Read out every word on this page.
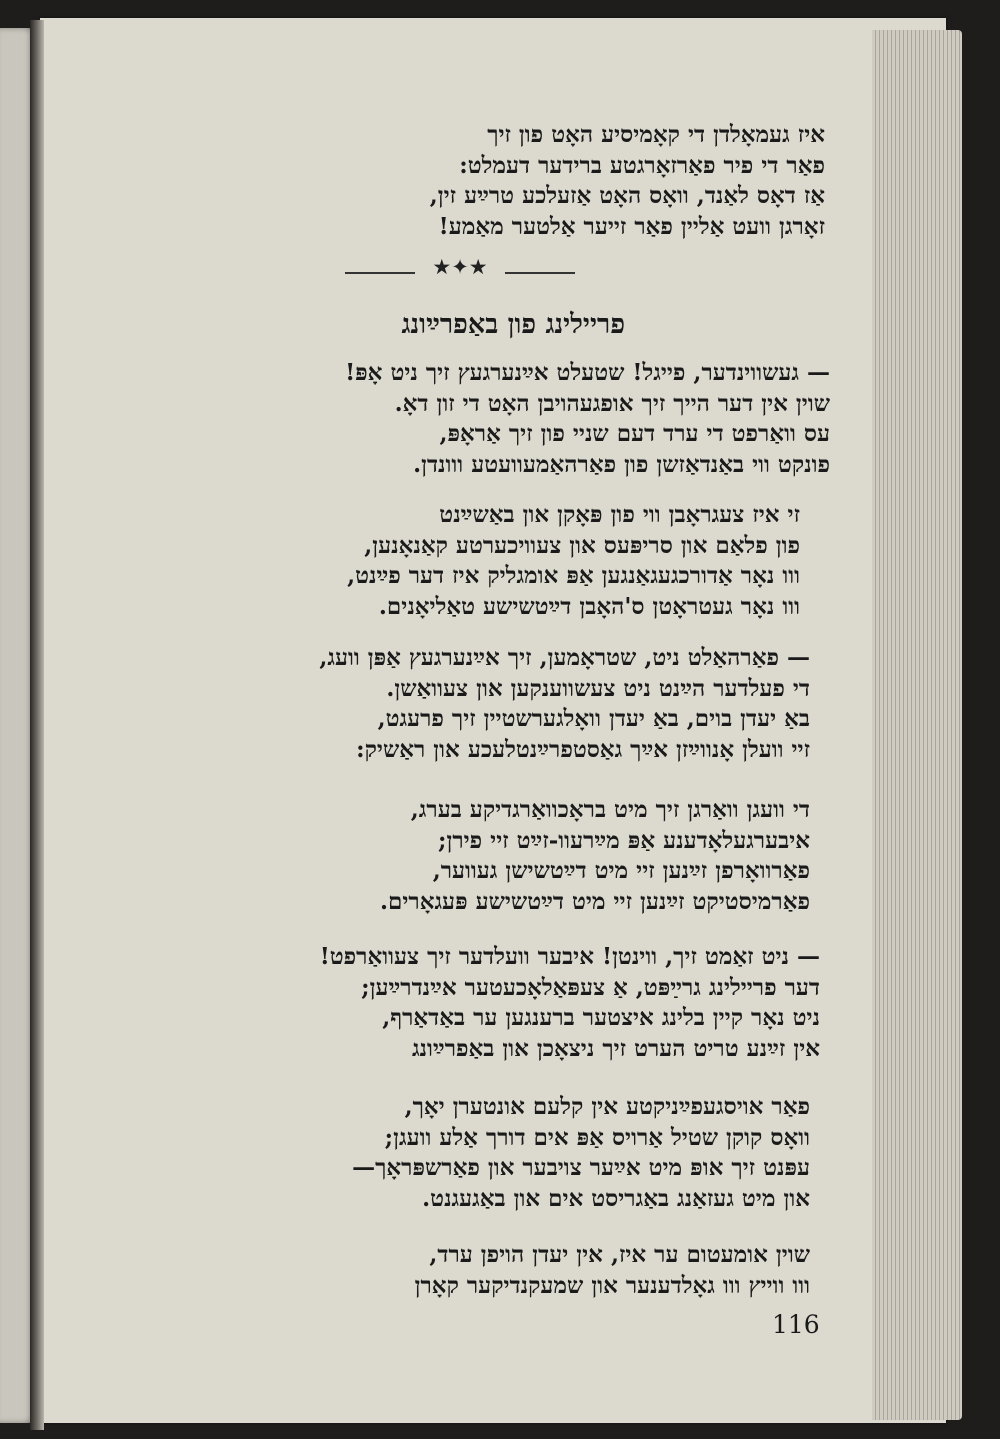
איז געמאָלדן די קאָמיסיע האָט פון זיך
פאַר די פיר פאַרזאָרגטע ברידער דעמלט:
אַז דאָס לאַנד, וואָס האָט אַזעלכע טרײַע זין,
זאָרגן וועט אַליין פאַר זייער אַלטער מאַמע!
★✦★
פריילינג פון באַפרײַונג
— געשווינדער, פייגל! שטעלט אײַנערגעץ זיך ניט אָפּ!
שוין אין דער הייך זיך אופגעהויבן האָט די זון דאָ.
עס וואַרפט די ערד דעם שניי פון זיך אַראָפּ,
פונקט ווי באַנדאַזשן פון פאַרהאַמעוועטע ווונדן.
זי איז צעגראָבן ווי פון פּאָקן און באַשײַנט
פון פלאַם און סריפּעס און צעוויכערטע קאַנאָנען,
ווו נאָר אַדורכגעגאַנגען אַפּ אומגליק איז דער פײַנט,
ווו נאָר געטראָטן ס'האָבן דײַטשישע טאַליאָנים.
— פאַרהאַלט ניט, שטראָמען, זיך אײַנערגעץ אַפּן וועג,
די פעלדער הײַנט ניט צעשווענקען און צעוואַשן.
באַ יעדן בוים, באַ יעדן וואָלגערשטיין זיך פרעגט,
זיי וועלן אָנווײַזן אײַך גאַסטפרײַנטלעכע און ראַשיק:
די וועגן וואַרגן זיך מיט בראָכוואַרגדיקע בערג,
איבערגעלאָדענע אַפּ מײַרעוו-זײַט זיי פירן;
פאַרוואָרפן זײַנען זיי מיט דײַטשישן געווער,
פאַרמיסטיקט זײַנען זיי מיט דײַטשישע פּעגאָרים.
— ניט זאַמט זיך, ווינטן! איבער וועלדער זיך צעוואַרפט!
דער פריילינג גרײַפּט, אַ צעפּאַלאָכעטער אײַנדרײַען;
ניט נאָר קיין בלינג איצטער ברענגען ער באַדאַרף,
אין זײַנע טריט הערט זיך ניצאָכן און באַפרײַונג
פאַר אויסגעפײַניקטע אין קלעם אונטערן יאָך,
וואָס קוקן שטיל אַרויס אַפּ אים דורך אַלע וועגן;
עפּנט זיך אופּ מיט אײַער צויבער און פאַרשפּראָך—
און מיט געזאַנג באַגריסט אים און באַגעגנט.
שוין אומעטום ער איז, אין יעדן הויפן ערד,
ווו ווייץ ווו גאָלדענער און שמעקנדיקער קאָרן
116
